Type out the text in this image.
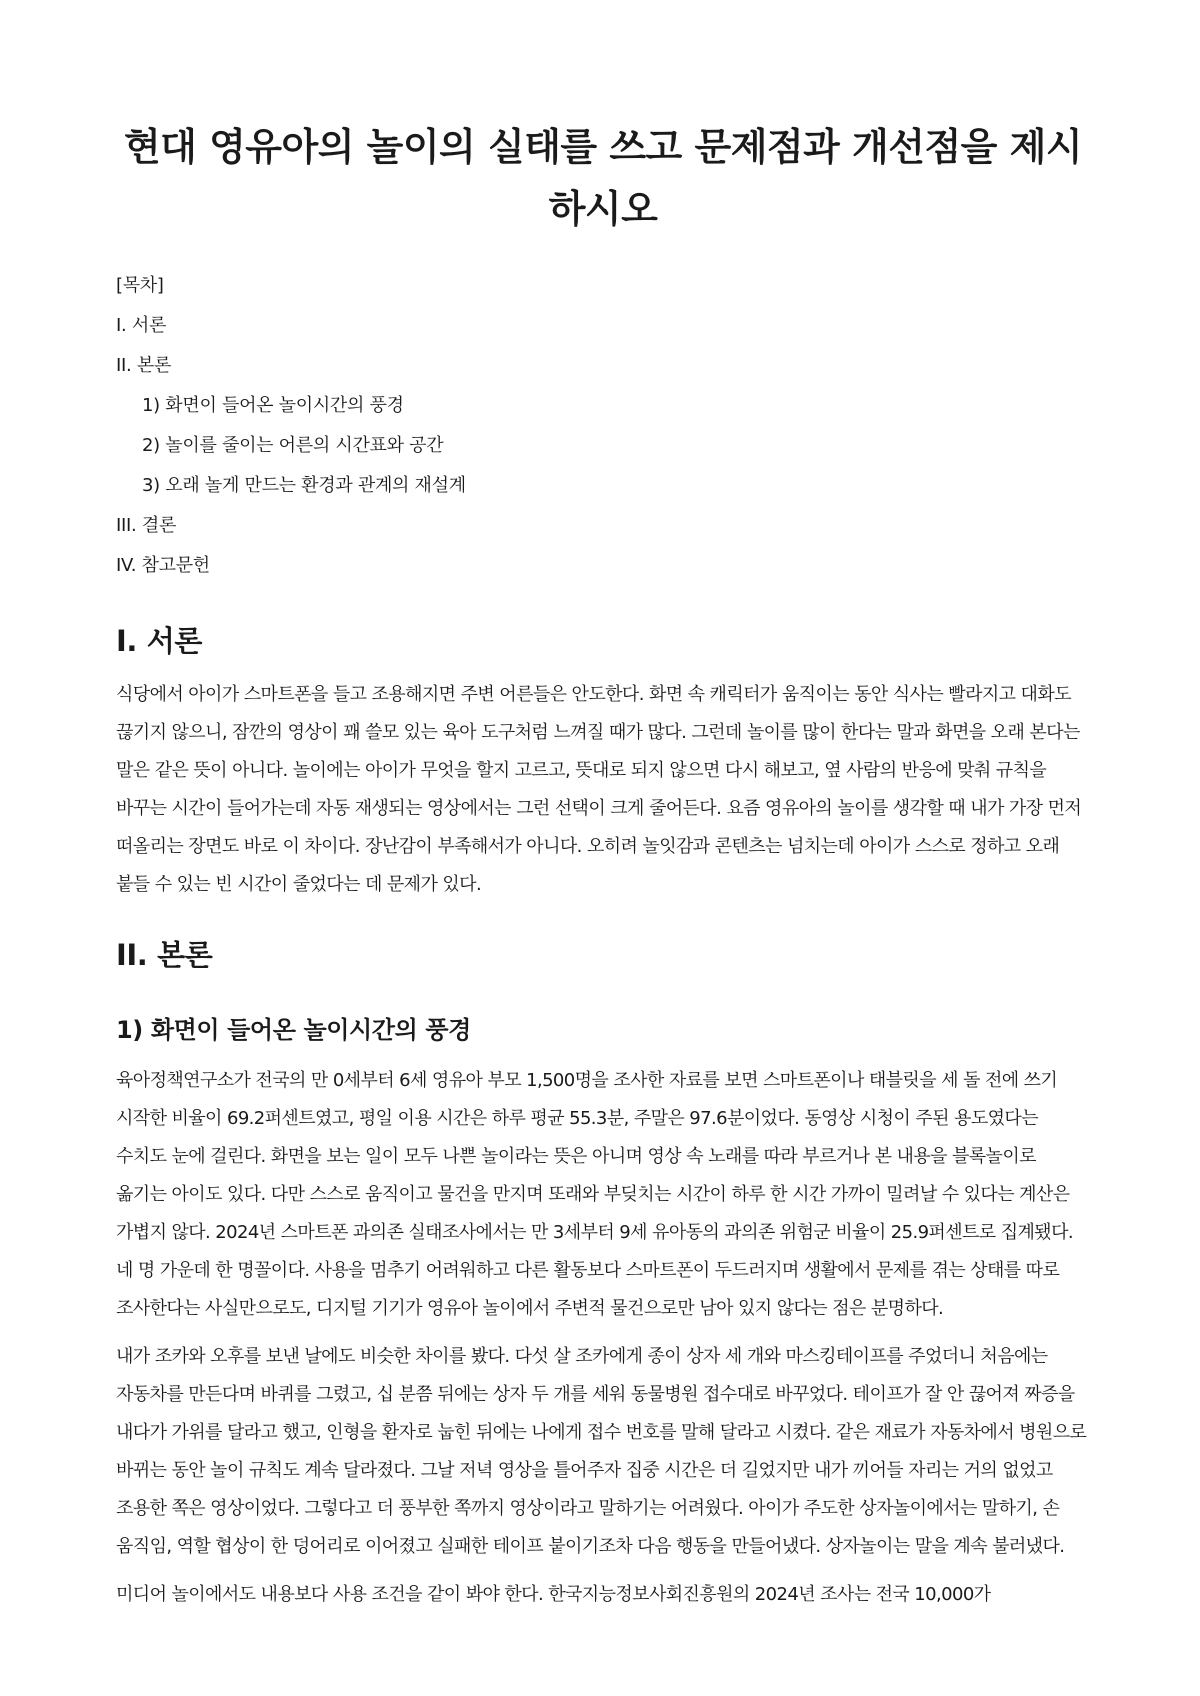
현대 영유아의 놀이의 실태를 쓰고 문제점과 개선점을 제시하시오
[목차]
I. 서론
II. 본론
1) 화면이 들어온 놀이시간의 풍경
2) 놀이를 줄이는 어른의 시간표와 공간
3) 오래 놀게 만드는 환경과 관계의 재설계
III. 결론
IV. 참고문헌
I. 서론

식당에서 아이가 스마트폰을 들고 조용해지면 주변 어른들은 안도한다. 화면 속 캐릭터가 움직이는 동안 식사는 빨라지고 대화도 끊기지 않으니, 잠깐의 영상이 꽤 쓸모 있는 육아 도구처럼 느껴질 때가 많다. 그런데 놀이를 많이 한다는 말과 화면을 오래 본다는 말은 같은 뜻이 아니다. 놀이에는 아이가 무엇을 할지 고르고, 뜻대로 되지 않으면 다시 해보고, 옆 사람의 반응에 맞춰 규칙을 바꾸는 시간이 들어가는데 자동 재생되는 영상에서는 그런 선택이 크게 줄어든다. 요즘 영유아의 놀이를 생각할 때 내가 가장 먼저 떠올리는 장면도 바로 이 차이다. 장난감이 부족해서가 아니다. 오히려 놀잇감과 콘텐츠는 넘치는데 아이가 스스로 정하고 오래 붙들 수 있는 빈 시간이 줄었다는 데 문제가 있다.

II. 본론
1) 화면이 들어온 놀이시간의 풍경

육아정책연구소가 전국의 만 0세부터 6세 영유아 부모 1,500명을 조사한 자료를 보면 스마트폰이나 태블릿을 세 돌 전에 쓰기 시작한 비율이 69.2퍼센트였고, 평일 이용 시간은 하루 평균 55.3분, 주말은 97.6분이었다. 동영상 시청이 주된 용도였다는 수치도 눈에 걸린다. 화면을 보는 일이 모두 나쁜 놀이라는 뜻은 아니며 영상 속 노래를 따라 부르거나 본 내용을 블록놀이로 옮기는 아이도 있다. 다만 스스로 움직이고 물건을 만지며 또래와 부딪치는 시간이 하루 한 시간 가까이 밀려날 수 있다는 계산은 가볍지 않다. 2024년 스마트폰 과의존 실태조사에서는 만 3세부터 9세 유아동의 과의존 위험군 비율이 25.9퍼센트로 집계됐다. 네 명 가운데 한 명꼴이다. 사용을 멈추기 어려워하고 다른 활동보다 스마트폰이 두드러지며 생활에서 문제를 겪는 상태를 따로 조사한다는 사실만으로도, 디지털 기기가 영유아 놀이에서 주변적 물건으로만 남아 있지 않다는 점은 분명하다.

내가 조카와 오후를 보낸 날에도 비슷한 차이를 봤다. 다섯 살 조카에게 종이 상자 세 개와 마스킹테이프를 주었더니 처음에는 자동차를 만든다며 바퀴를 그렸고, 십 분쯤 뒤에는 상자 두 개를 세워 동물병원 접수대로 바꾸었다. 테이프가 잘 안 끊어져 짜증을 내다가 가위를 달라고 했고, 인형을 환자로 눕힌 뒤에는 나에게 접수 번호를 말해 달라고 시켰다. 같은 재료가 자동차에서 병원으로 바뀌는 동안 놀이 규칙도 계속 달라졌다. 그날 저녁 영상을 틀어주자 집중 시간은 더 길었지만 내가 끼어들 자리는 거의 없었고 조용한 쪽은 영상이었다. 그렇다고 더 풍부한 쪽까지 영상이라고 말하기는 어려웠다. 아이가 주도한 상자놀이에서는 말하기, 손 움직임, 역할 협상이 한 덩어리로 이어졌고 실패한 테이프 붙이기조차 다음 행동을 만들어냈다. 상자놀이는 말을 계속 불러냈다.

미디어 놀이에서도 내용보다 사용 조건을 같이 봐야 한다. 한국지능정보사회진흥원의 2024년 조사는 전국 10,000가
